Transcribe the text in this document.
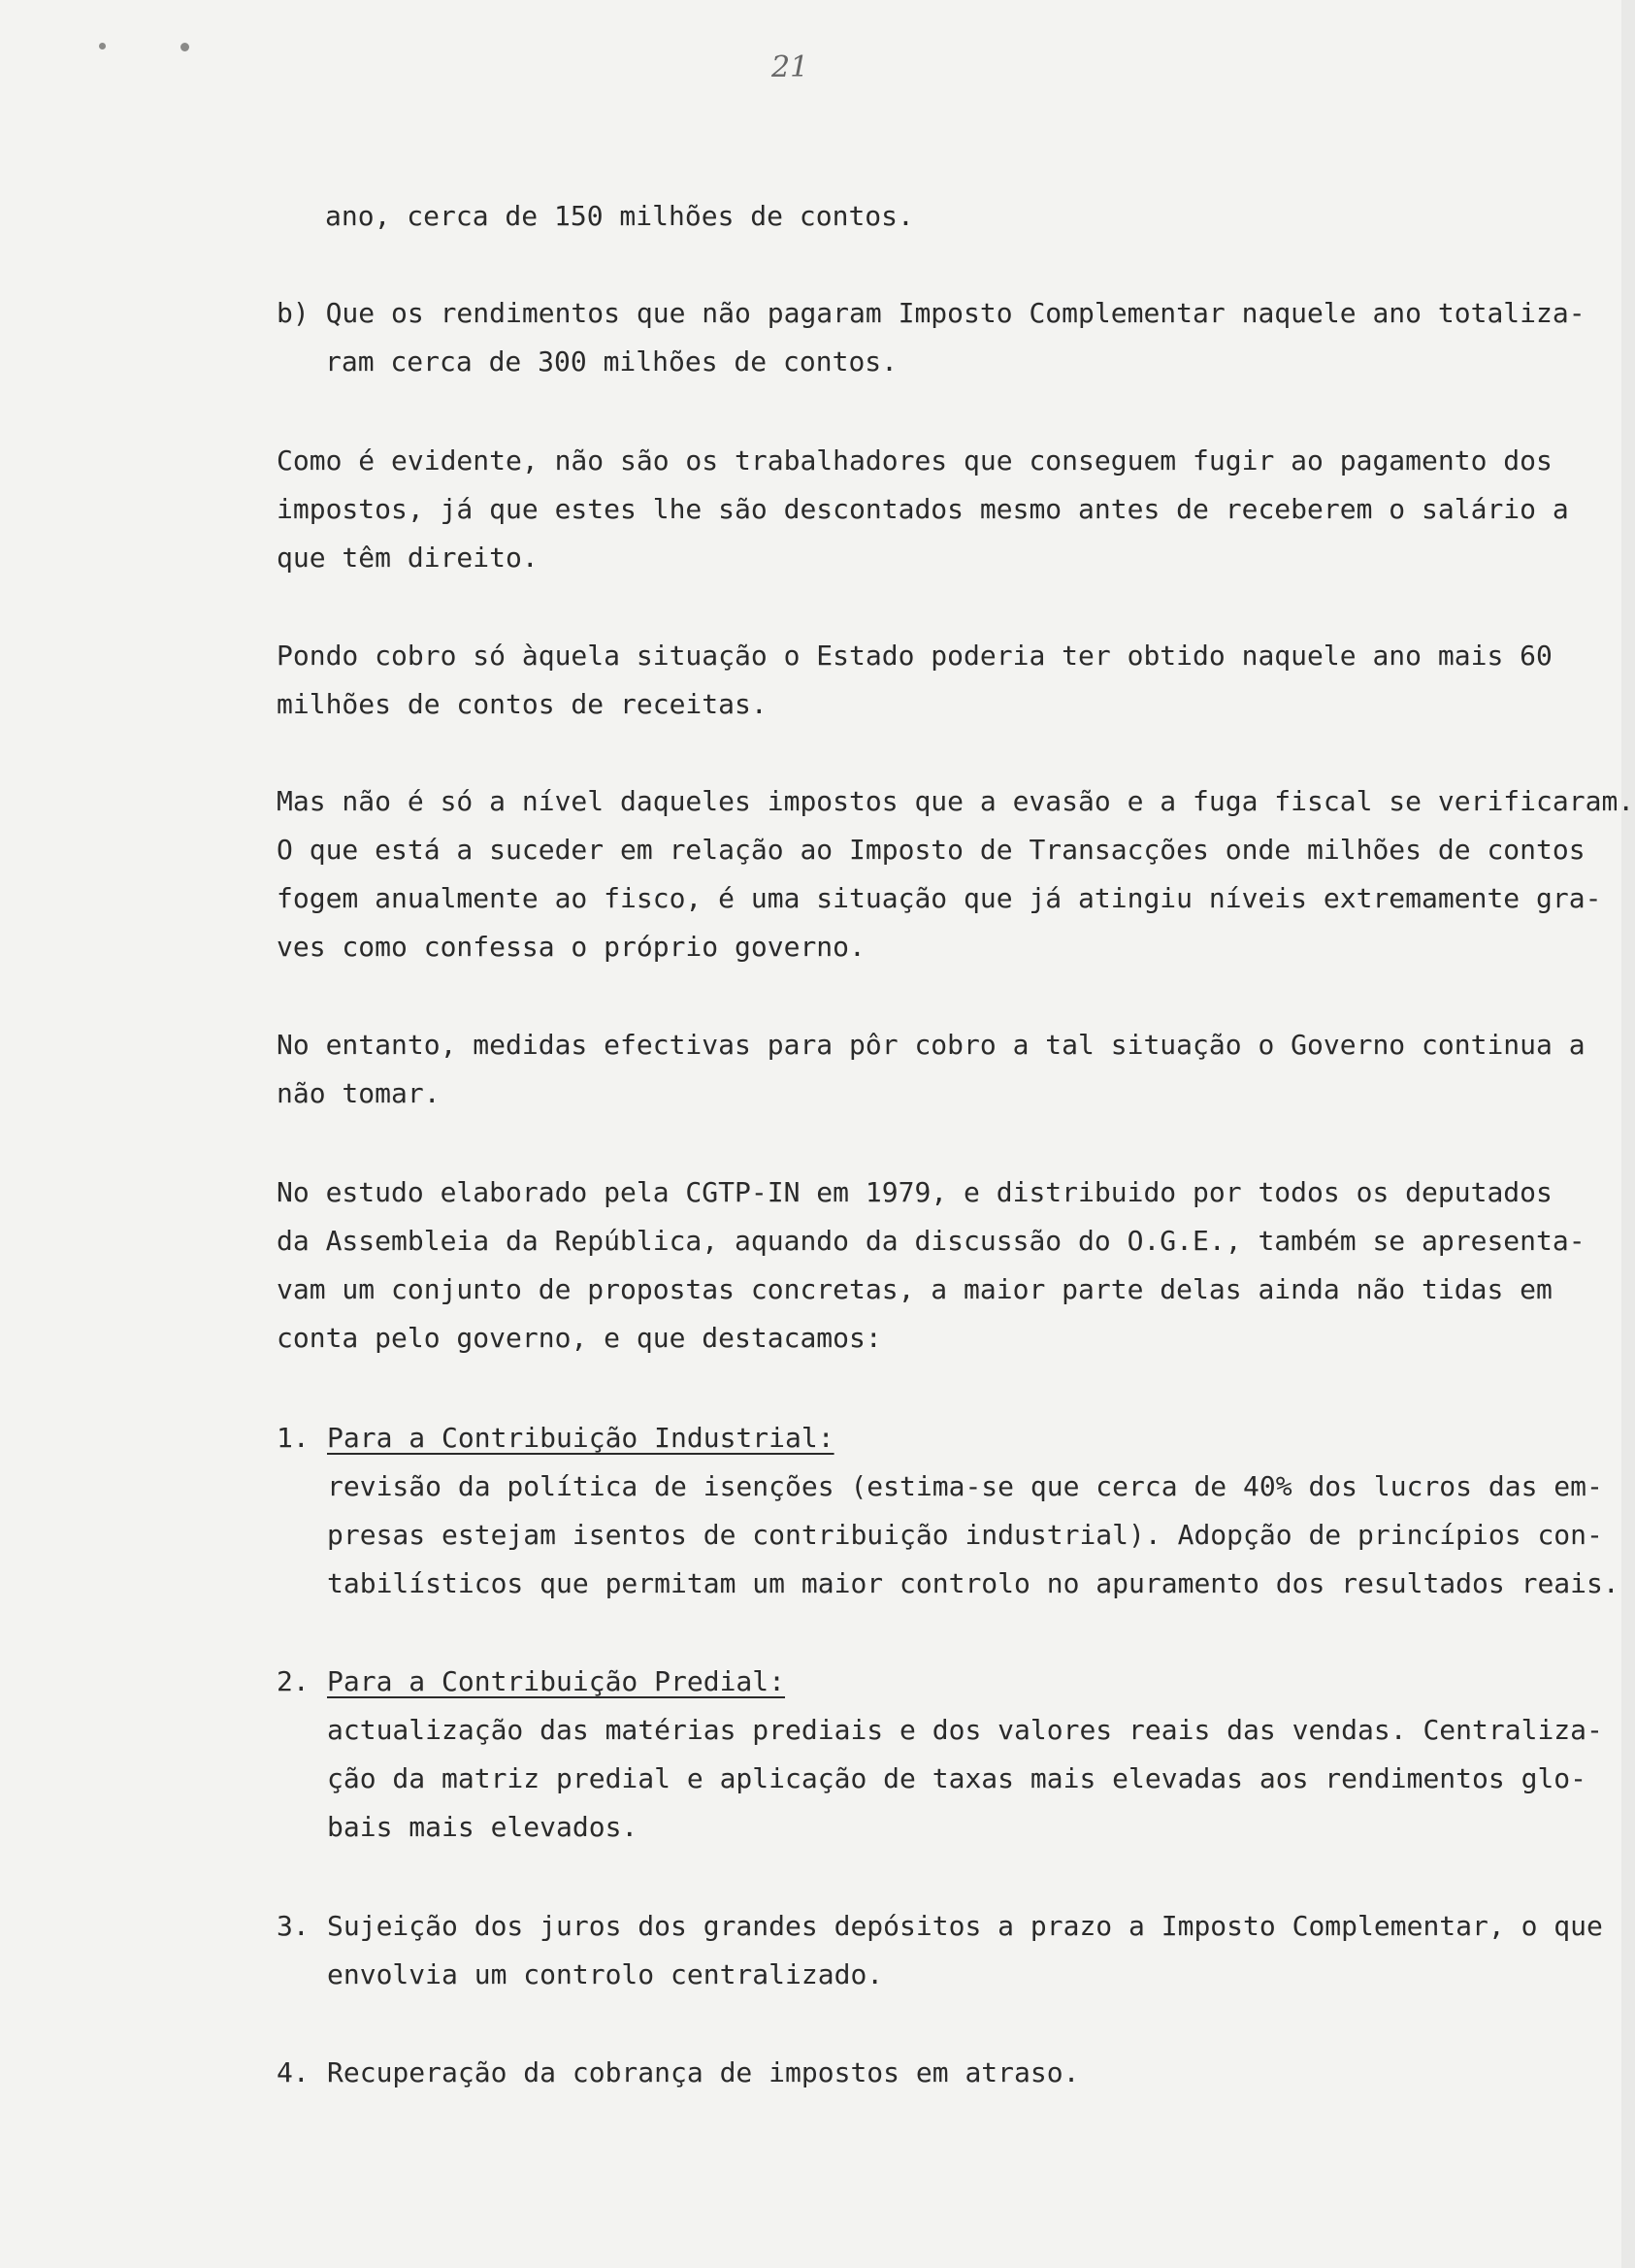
21
ano, cerca de 150 milhões de contos.
b) Que os rendimentos que não pagaram Imposto Complementar naquele ano totaliza-
ram cerca de 300 milhões de contos.
Como é evidente, não são os trabalhadores que conseguem fugir ao pagamento dos
impostos, já que estes lhe são descontados mesmo antes de receberem o salário a
que têm direito.
Pondo cobro só àquela situação o Estado poderia ter obtido naquele ano mais 60
milhões de contos de receitas.
Mas não é só a nível daqueles impostos que a evasão e a fuga fiscal se verificaram.
O que está a suceder em relação ao Imposto de Transacções onde milhões de contos
fogem anualmente ao fisco, é uma situação que já atingiu níveis extremamente gra-
ves como confessa o próprio governo.
No entanto, medidas efectivas para pôr cobro a tal situação o Governo continua a
não tomar.
No estudo elaborado pela CGTP-IN em 1979, e distribuido por todos os deputados
da Assembleia da República, aquando da discussão do O.G.E., também se apresenta-
vam um conjunto de propostas concretas, a maior parte delas ainda não tidas em
conta pelo governo, e que destacamos:
1. Para a Contribuição Industrial:
revisão da política de isenções (estima-se que cerca de 40% dos lucros das em-
presas estejam isentos de contribuição industrial). Adopção de princípios con-
tabilísticos que permitam um maior controlo no apuramento dos resultados reais.
2. Para a Contribuição Predial:
actualização das matérias prediais e dos valores reais das vendas. Centraliza-
ção da matriz predial e aplicação de taxas mais elevadas aos rendimentos glo-
bais mais elevados.
3. Sujeição dos juros dos grandes depósitos a prazo a Imposto Complementar, o que
envolvia um controlo centralizado.
4. Recuperação da cobrança de impostos em atraso.
